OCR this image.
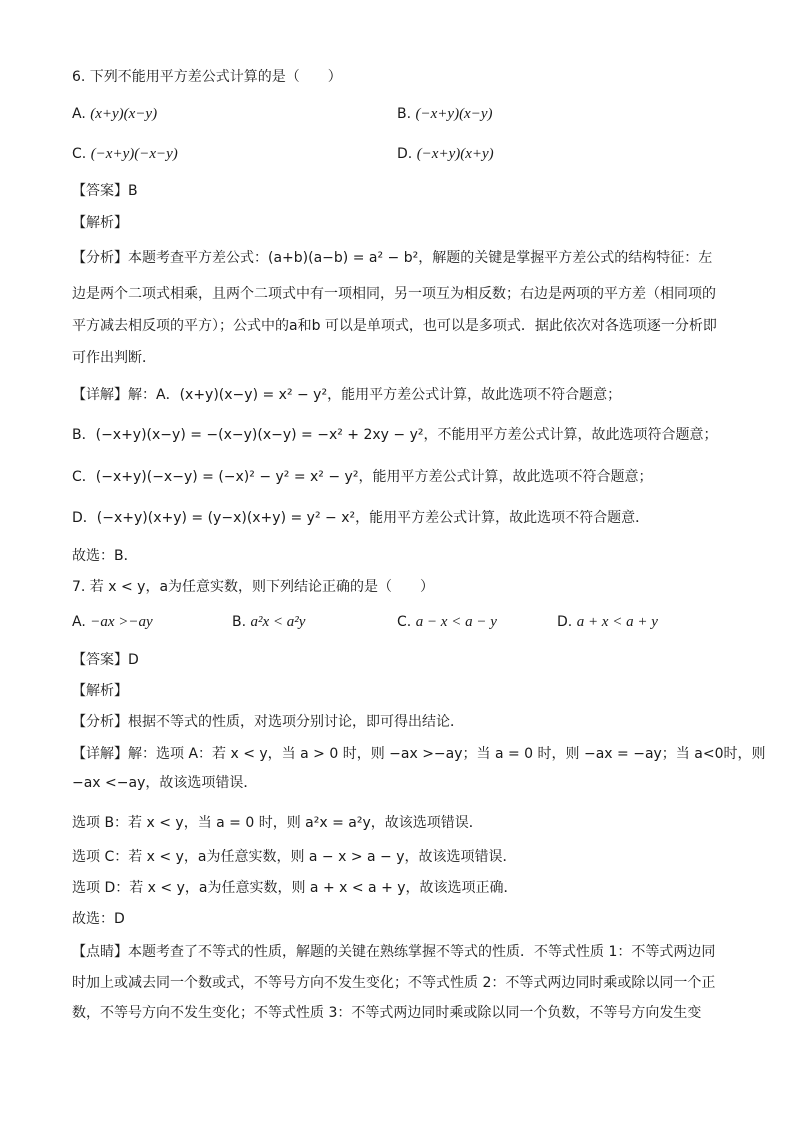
6. 下列不能用平方差公式计算的是（　　）
A. (x+y)(x−y)	B. (−x+y)(x−y)
C. (−x+y)(−x−y)	D. (−x+y)(x+y)
【答案】B
【解析】
【分析】本题考查平方差公式：(a+b)(a−b) = a² − b²，解题的关键是掌握平方差公式的结构特征：左
边是两个二项式相乘，且两个二项式中有一项相同，另一项互为相反数；右边是两项的平方差（相同项的
平方减去相反项的平方）；公式中的a和b 可以是单项式，也可以是多项式．据此依次对各选项逐一分析即
可作出判断．
【详解】解：A．(x+y)(x−y) = x² − y²，能用平方差公式计算，故此选项不符合题意；
B．(−x+y)(x−y) = −(x−y)(x−y) = −x² + 2xy − y²，不能用平方差公式计算，故此选项符合题意；
C．(−x+y)(−x−y) = (−x)² − y² = x² − y²，能用平方差公式计算，故此选项不符合题意；
D．(−x+y)(x+y) = (y−x)(x+y) = y² − x²，能用平方差公式计算，故此选项不符合题意．
故选：B．
7. 若 x < y，a为任意实数，则下列结论正确的是（　　）
A. −ax >−ay	B. a²x < a²y	C. a − x < a − y	D. a + x < a + y
【答案】D
【解析】
【分析】根据不等式的性质，对选项分别讨论，即可得出结论．
【详解】解：选项 A：若 x < y，当 a > 0 时，则 −ax >−ay；当 a = 0 时，则 −ax = −ay；当 a<0时，则
−ax <−ay，故该选项错误．
选项 B：若 x < y，当 a = 0 时，则 a²x = a²y，故该选项错误．
选项 C：若 x < y，a为任意实数，则 a − x > a − y，故该选项错误．
选项 D：若 x < y，a为任意实数，则 a + x < a + y，故该选项正确．
故选：D
【点睛】本题考查了不等式的性质，解题的关键在熟练掌握不等式的性质．不等式性质 1：不等式两边同
时加上或减去同一个数或式，不等号方向不发生变化；不等式性质 2：不等式两边同时乘或除以同一个正
数，不等号方向不发生变化；不等式性质 3：不等式两边同时乘或除以同一个负数，不等号方向发生变
